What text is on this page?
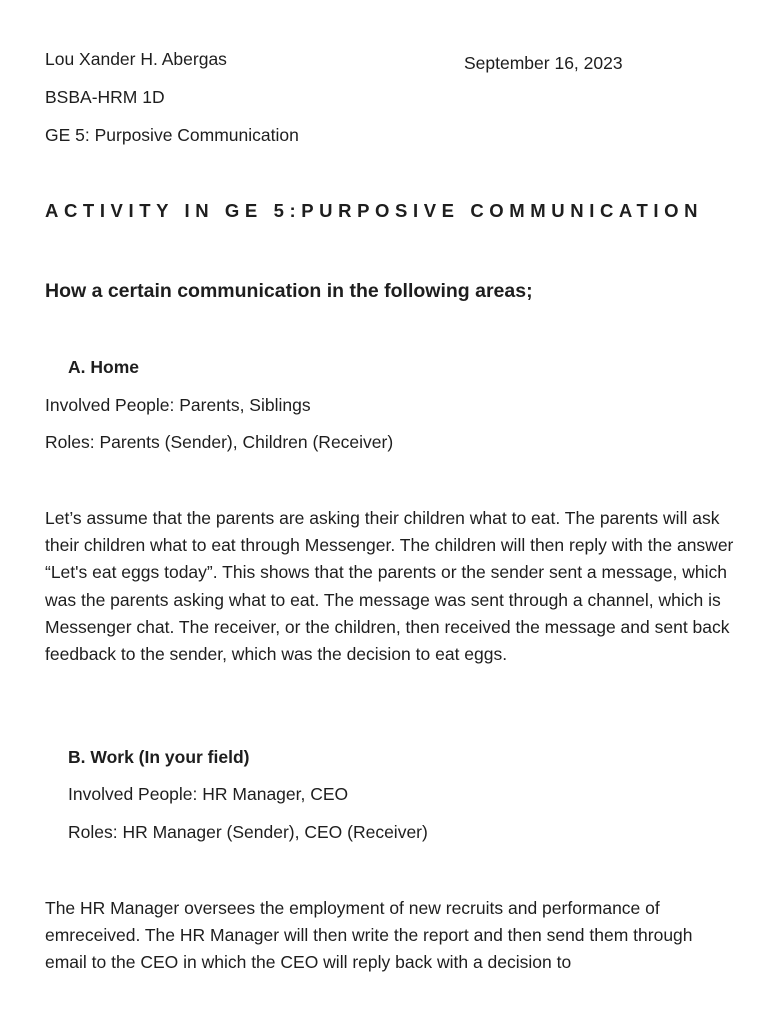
Lou Xander H. Abergas	September 16, 2023
BSBA-HRM 1D
GE 5: Purposive Communication
ACTIVITY IN GE 5:PURPOSIVE COMMUNICATION
How a certain communication in the following areas;
A. Home
Involved People: Parents, Siblings
Roles: Parents (Sender), Children (Receiver)
Let’s assume that the parents are asking their children what to eat. The parents will ask their children what to eat through Messenger. The children will then reply with the answer “Let's eat eggs today”. This shows that the parents or the sender sent a message, which was the parents asking what to eat. The message was sent through a channel, which is Messenger chat. The receiver, or the children, then received the message and sent back feedback to the sender, which was the decision to eat eggs.
B. Work (In your field)
Involved People: HR Manager, CEO
Roles: HR Manager (Sender), CEO (Receiver)
The HR Manager oversees the employment of new recruits and performance of emreceived. The HR Manager will then write the report and then send them through email to the CEO in which the CEO will reply back with a decision to
